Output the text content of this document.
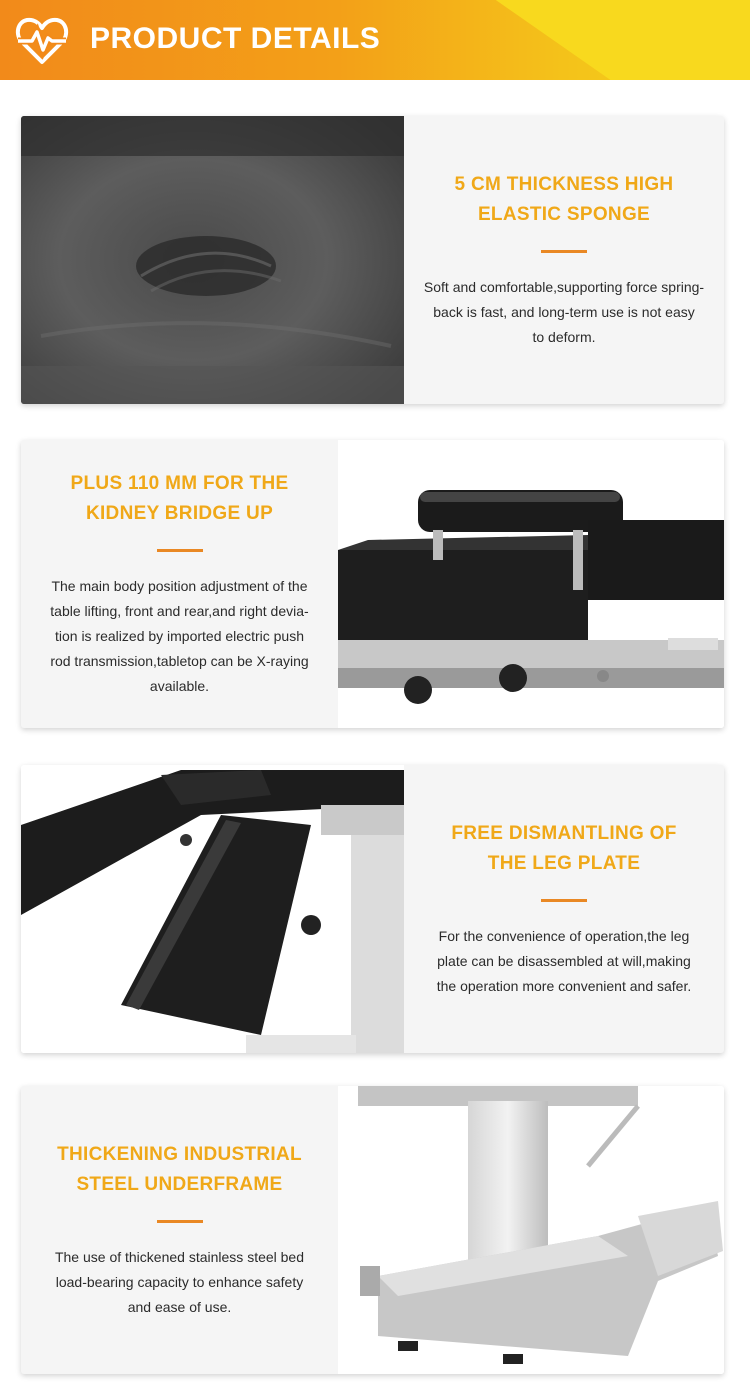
PRODUCT DETAILS
5 CM THICKNESS HIGH
ELASTIC SPONGE
Soft and comfortable,supporting force spring-
back is fast, and long-term use is not easy
to deform.
PLUS 110 MM FOR THE
KIDNEY BRIDGE UP
The main body position adjustment of the
table lifting, front and rear,and right devia-
tion is realized by imported electric push
rod transmission,tabletop can be X-raying
available.
FREE DISMANTLING OF
THE LEG PLATE
For the convenience of operation,the leg
plate can be disassembled at will,making
the operation more convenient and safer.
THICKENING INDUSTRIAL
STEEL UNDERFRAME
The use of thickened stainless steel bed
load-bearing capacity to enhance safety
and ease of use.
